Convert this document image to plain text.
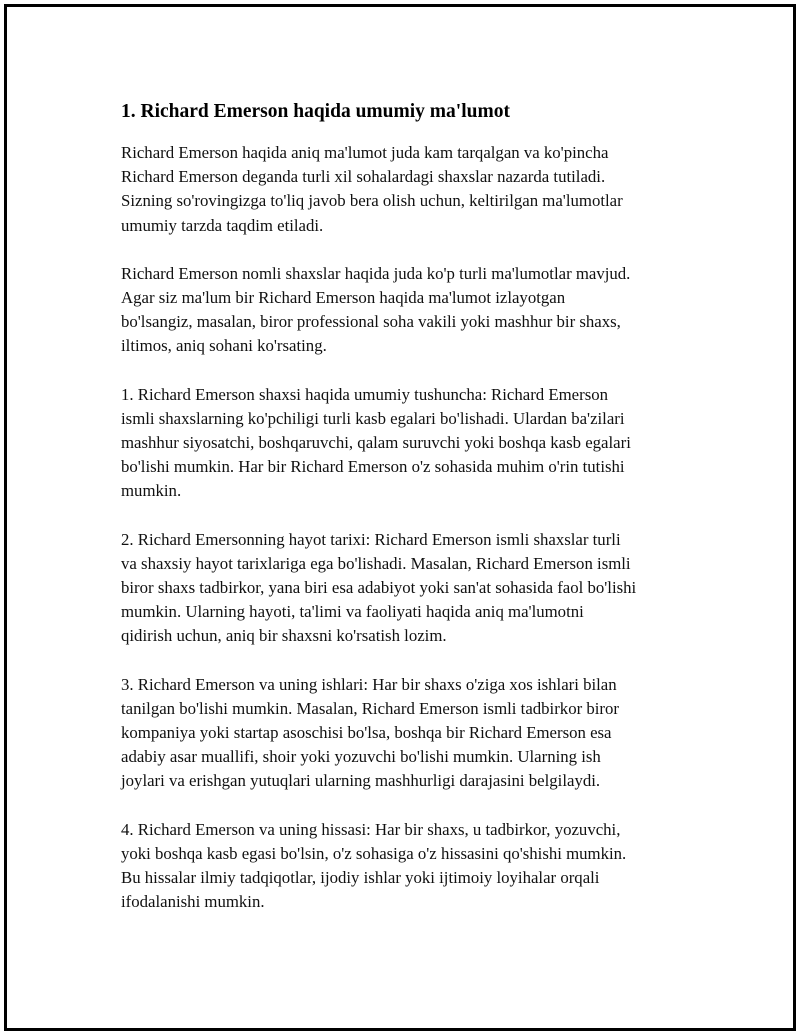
1. Richard Emerson haqida umumiy ma'lumot

Richard Emerson haqida aniq ma'lumot juda kam tarqalgan va ko'pincha
Richard Emerson deganda turli xil sohalardagi shaxslar nazarda tutiladi.
Sizning so'rovingizga to'liq javob bera olish uchun, keltirilgan ma'lumotlar
umumiy tarzda taqdim etiladi.

Richard Emerson nomli shaxslar haqida juda ko'p turli ma'lumotlar mavjud.
Agar siz ma'lum bir Richard Emerson haqida ma'lumot izlayotgan
bo'lsangiz, masalan, biror professional soha vakili yoki mashhur bir shaxs,
iltimos, aniq sohani ko'rsating.

1. Richard Emerson shaxsi haqida umumiy tushuncha: Richard Emerson
ismli shaxslarning ko'pchiligi turli kasb egalari bo'lishadi. Ulardan ba'zilari
mashhur siyosatchi, boshqaruvchi, qalam suruvchi yoki boshqa kasb egalari
bo'lishi mumkin. Har bir Richard Emerson o'z sohasida muhim o'rin tutishi
mumkin.

2. Richard Emersonning hayot tarixi: Richard Emerson ismli shaxslar turli
va shaxsiy hayot tarixlariga ega bo'lishadi. Masalan, Richard Emerson ismli
biror shaxs tadbirkor, yana biri esa adabiyot yoki san'at sohasida faol bo'lishi
mumkin. Ularning hayoti, ta'limi va faoliyati haqida aniq ma'lumotni
qidirish uchun, aniq bir shaxsni ko'rsatish lozim.

3. Richard Emerson va uning ishlari: Har bir shaxs o'ziga xos ishlari bilan
tanilgan bo'lishi mumkin. Masalan, Richard Emerson ismli tadbirkor biror
kompaniya yoki startap asoschisi bo'lsa, boshqa bir Richard Emerson esa
adabiy asar muallifi, shoir yoki yozuvchi bo'lishi mumkin. Ularning ish
joylari va erishgan yutuqlari ularning mashhurligi darajasini belgilaydi.

4. Richard Emerson va uning hissasi: Har bir shaxs, u tadbirkor, yozuvchi,
yoki boshqa kasb egasi bo'lsin, o'z sohasiga o'z hissasini qo'shishi mumkin.
Bu hissalar ilmiy tadqiqotlar, ijodiy ishlar yoki ijtimoiy loyihalar orqali
ifodalanishi mumkin.
